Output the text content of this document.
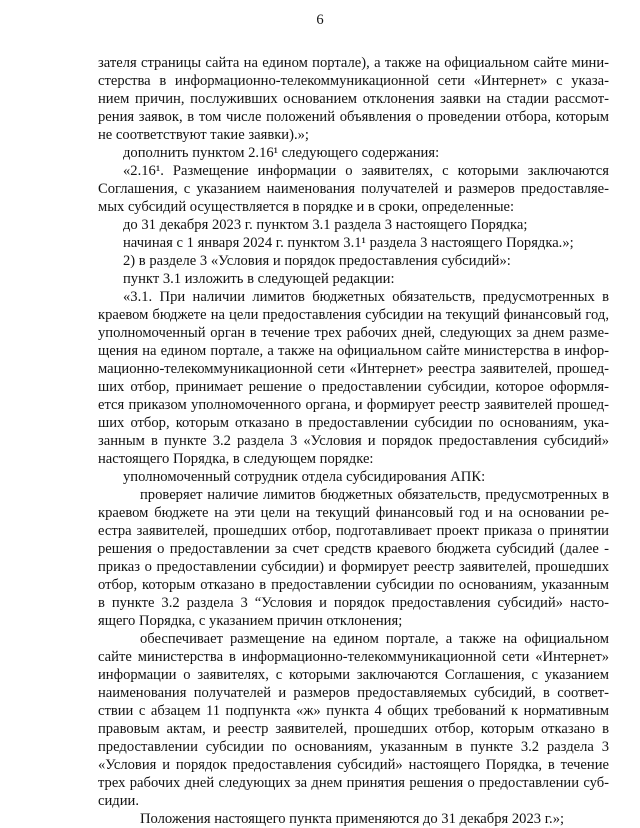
6
зателя страницы сайта на едином портале), а также на официальном сайте мини-
стерства в информационно-телекоммуникационной сети «Интернет» с указа-
нием причин, послуживших основанием отклонения заявки на стадии рассмот-
рения заявок, в том числе положений объявления о проведении отбора, которым
не соответствуют такие заявки).»;
дополнить пунктом 2.16¹ следующего содержания:
«2.16¹. Размещение информации о заявителях, с которыми заключаются
Соглашения, с указанием наименования получателей и размеров предоставляе-
мых субсидий осуществляется в порядке и в сроки, определенные:
до 31 декабря 2023 г. пунктом 3.1 раздела 3 настоящего Порядка;
начиная с 1 января 2024 г. пунктом 3.1¹ раздела 3 настоящего Порядка.»;
2) в разделе 3 «Условия и порядок предоставления субсидий»:
пункт 3.1 изложить в следующей редакции:
«3.1. При наличии лимитов бюджетных обязательств, предусмотренных в
краевом бюджете на цели предоставления субсидии на текущий финансовый год,
уполномоченный орган в течение трех рабочих дней, следующих за днем разме-
щения на едином портале, а также на официальном сайте министерства в инфор-
мационно-телекоммуникационной сети «Интернет» реестра заявителей, прошед-
ших отбор, принимает решение о предоставлении субсидии, которое оформля-
ется приказом уполномоченного органа, и формирует реестр заявителей прошед-
ших отбор, которым отказано в предоставлении субсидии по основаниям, ука-
занным в пункте 3.2 раздела 3 «Условия и порядок предоставления субсидий»
настоящего Порядка, в следующем порядке:
уполномоченный сотрудник отдела субсидирования АПК:
проверяет наличие лимитов бюджетных обязательств, предусмотренных в
краевом бюджете на эти цели на текущий финансовый год и на основании ре-
естра заявителей, прошедших отбор, подготавливает проект приказа о принятии
решения о предоставлении за счет средств краевого бюджета субсидий (далее -
приказ о предоставлении субсидии) и формирует реестр заявителей, прошедших
отбор, которым отказано в предоставлении субсидии по основаниям, указанным
в пункте 3.2 раздела 3 “Условия и порядок предоставления субсидий» насто-
ящего Порядка, с указанием причин отклонения;
обеспечивает размещение на едином портале, а также на официальном
сайте министерства в информационно-телекоммуникационной сети «Интернет»
информации о заявителях, с которыми заключаются Соглашения, с указанием
наименования получателей и размеров предоставляемых субсидий, в соответ-
ствии с абзацем 11 подпункта «ж» пункта 4 общих требований к нормативным
правовым актам, и реестр заявителей, прошедших отбор, которым отказано в
предоставлении субсидии по основаниям, указанным в пункте 3.2 раздела 3
«Условия и порядок предоставления субсидий» настоящего Порядка, в течение
трех рабочих дней следующих за днем принятия решения о предоставлении суб-
сидии.
Положения настоящего пункта применяются до 31 декабря 2023 г.»;
